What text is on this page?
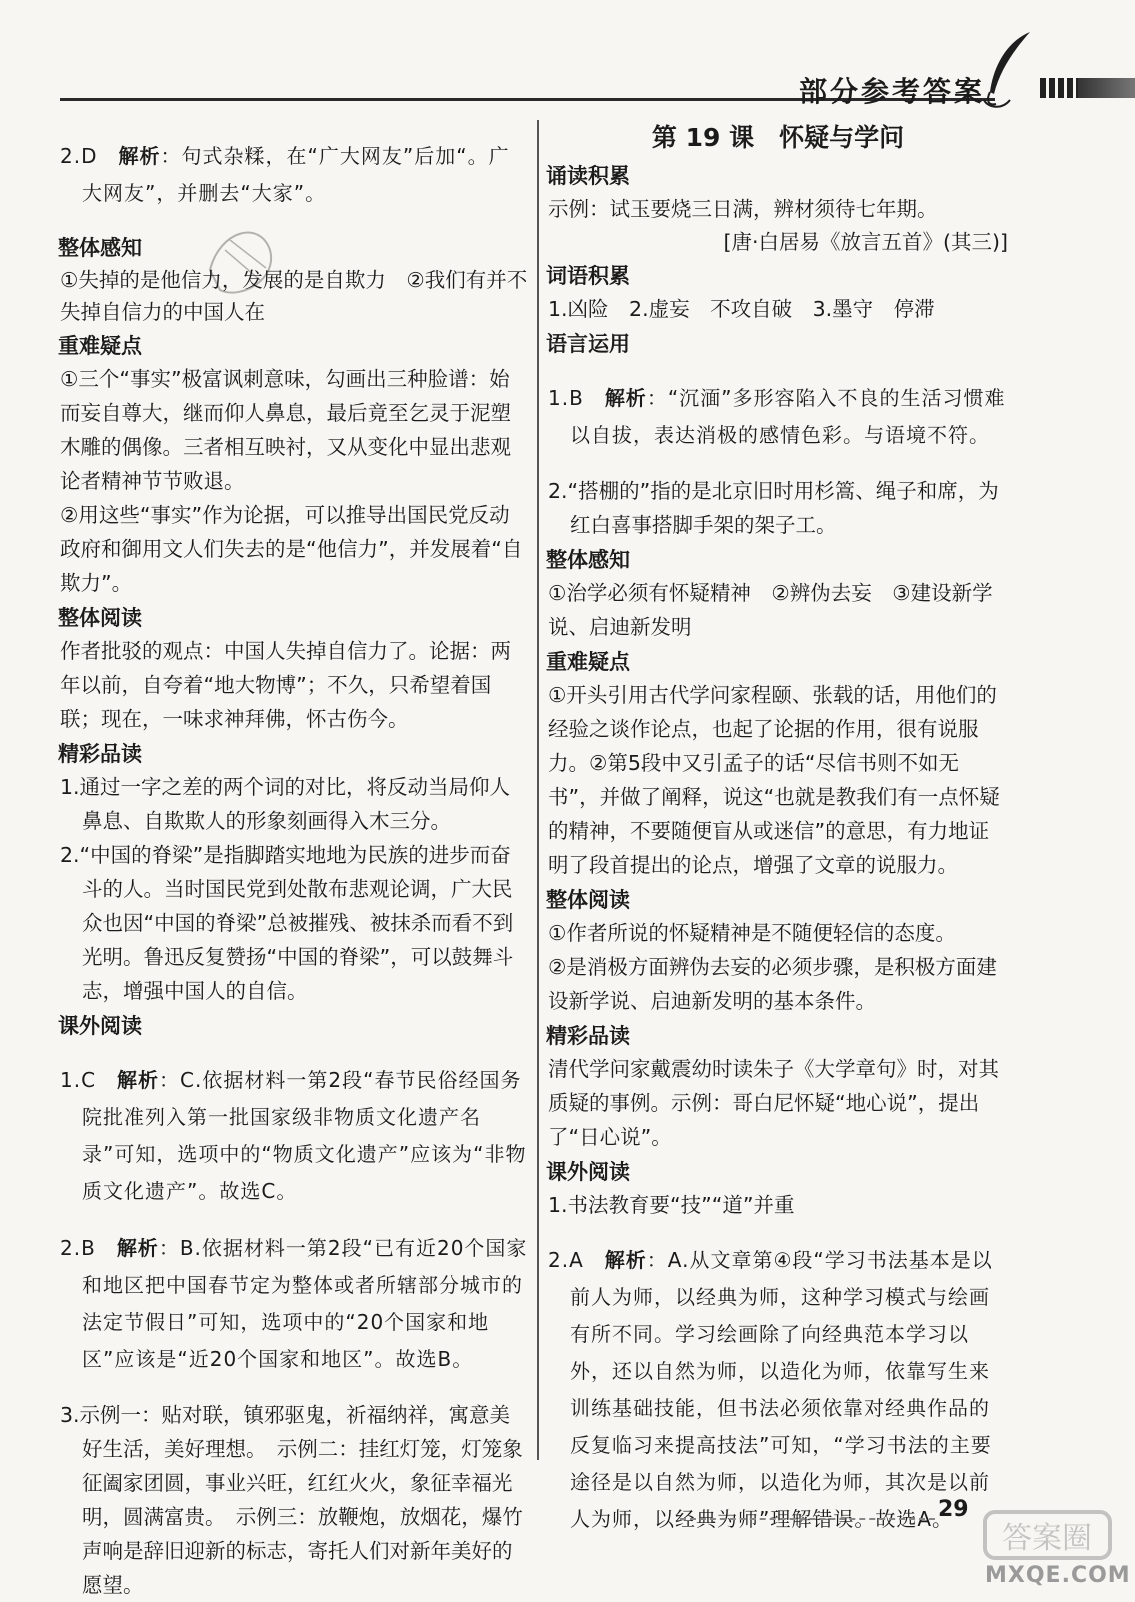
部分参考答案

2.D　 解析：句式杂糅，在“广大网友”后加“。广大网友”，并删去“大家”。

整体感知

①失掉的是他信力，发展的是自欺力　②我们有并不失掉自信力的中国人在

重难疑点

①三个“事实”极富讽刺意味，勾画出三种脸谱：始而妄自尊大，继而仰人鼻息，最后竟至乞灵于泥塑木雕的偶像。三者相互映衬，又从变化中显出悲观论者精神节节败退。

②用这些“事实”作为论据，可以推导出国民党反动政府和御用文人们失去的是“他信力”，并发展着“自欺力”。

整体阅读

作者批驳的观点：中国人失掉自信力了。论据：两年以前，自夸着“地大物博”；不久，只希望着国联；现在，一味求神拜佛，怀古伤今。

精彩品读

1.通过一字之差的两个词的对比，将反动当局仰人鼻息、自欺欺人的形象刻画得入木三分。

2.“中国的脊梁”是指脚踏实地地为民族的进步而奋斗的人。当时国民党到处散布悲观论调，广大民众也因“中国的脊梁”总被摧残、被抹杀而看不到光明。鲁迅反复赞扬“中国的脊梁”，可以鼓舞斗志，增强中国人的自信。

课外阅读

1.C　 解析：C.依据材料一第2段“春节民俗经国务院批准列入第一批国家级非物质文化遗产名录”可知，选项中的“物质文化遗产”应该为“非物质文化遗产”。故选C。

2.B　 解析：B.依据材料一第2段“已有近20个国家和地区把中国春节定为整体或者所辖部分城市的法定节假日”可知，选项中的“20个国家和地区”应该是“近20个国家和地区”。故选B。

3.示例一：贴对联，镇邪驱鬼，祈福纳祥，寓意美好生活，美好理想。　示例二：挂红灯笼，灯笼象征阖家团圆，事业兴旺，红红火火，象征幸福光明，圆满富贵。　示例三：放鞭炮，放烟花，爆竹声响是辞旧迎新的标志，寄托人们对新年美好的愿望。

第 19 课　怀疑与学问
诵读积累

示例：试玉要烧三日满，辨材须待七年期。

[唐·白居易《放言五首》(其三)]
词语积累

1.凶险　2.虚妄　不攻自破　3.墨守　停滞

语言运用

1.B　 解析：“沉湎”多形容陷入不良的生活习惯难以自拔，表达消极的感情色彩。与语境不符。

2.“搭棚的”指的是北京旧时用杉篙、绳子和席，为红白喜事搭脚手架的架子工。

整体感知

①治学必须有怀疑精神　②辨伪去妄　③建设新学说、启迪新发明

重难疑点

①开头引用古代学问家程颐、张载的话，用他们的经验之谈作论点，也起了论据的作用，很有说服力。②第5段中又引孟子的话“尽信书则不如无书”，并做了阐释，说这“也就是教我们有一点怀疑的精神，不要随便盲从或迷信”的意思，有力地证明了段首提出的论点，增强了文章的说服力。

整体阅读

①作者所说的怀疑精神是不随便轻信的态度。

②是消极方面辨伪去妄的必须步骤，是积极方面建设新学说、启迪新发明的基本条件。

精彩品读

清代学问家戴震幼时读朱子《大学章句》时，对其质疑的事例。示例：哥白尼怀疑“地心说”，提出了“日心说”。

课外阅读

1.书法教育要“技”“道”并重

2.A　 解析：A.从文章第④段“学习书法基本是以前人为师，以经典为师，这种学习模式与绘画有所不同。学习绘画除了向经典范本学习以外，还以自然为师，以造化为师，依靠写生来训练基础技能，但书法必须依靠对经典作品的反复临习来提高技法”可知，“学习书法的主要途径是以自然为师，以造化为师，其次是以前人为师，以经典为师”理解错误。故选A。

29
答案圈
MXQE.COM
